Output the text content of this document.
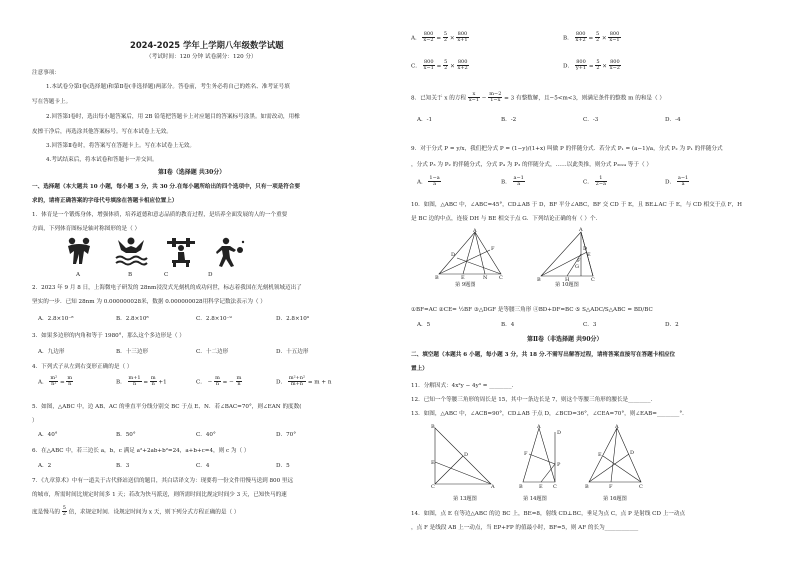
2024-2025 学年上学期八年级数学试题
（考试时间：120 分钟 试卷满分：120 分）
注意事项：
1.本试卷分第Ⅰ卷(选择题)和第Ⅱ卷(非选择题)两部分。答卷前，考生务必将自己的姓名、准考证号填
写在答题卡上。
2.回答第Ⅰ卷时，选出每小题答案后，用 2B 铅笔把答题卡上对应题目的答案标号涂黑。如需改动，用橡
皮擦干净后，再选涂其他答案标号。写在本试卷上无效。
3.回答第Ⅱ卷时，将答案写在答题卡上。写在本试卷上无效。
4.考试结束后，将本试卷和答题卡一并交回。
第Ⅰ卷（选择题 共30分）
一、选择题（本大题共 10 小题，每小题 3 分，共 30 分.在每小题所给出的四个选项中，只有一项是符合要
求的，请将正确答案的字母代号填涂在答题卡相应位置上）
1．体育是一个锻炼身体，增强体质，培养道德和意志品质的教育过程，是培养全面发展的人的一个重要
方面，下列体育图标是轴对称图形的是（ ）
A	B	C	D
2．2023 年 9 月 8 日，上海微电子研发的 28nm浸没式光刻机的成功问世，标志着我国在光刻机领域迈出了
坚实的一步．已知 28nm 为 0.000000028米，数据 0.000000028用科学记数法表示为（ ）
A．2.8×10⁻⁸	B．2.8×10⁸	C．2.8×10⁻⁹	D．2.8×10⁹
3．如果多边形的内角和等于 1980°，那么这个多边形是（ ）
A．九边形	B．十三边形	C．十二边形	D．十五边形
4．下列式子从左到右变形正确的是（ ）
A． $\frac{\text{m²}}{\text{n²}} = \frac{m}{n}$	B． $\frac{m+1}{n} = \frac{m}{n} +1$	C． − $\frac{m}{n}$ = − $\frac{m}{n}$	D． $\frac{\text{m²+n²}}{m+n} = m + n$
5．如图，△ABC 中，边 AB、AC 的垂直平分线分别交 BC 于点 E、N．若∠BAC=70°，则∠EAN 的度数(
）
A．40°	B．50°	C．40°	D．70°
6．在△ABC 中，若三边长 a，b，c 满足 a²+2ab+b²=24，a+b+c=4，则 c 为（ ）
A．2	B．3	C．4	D．5
7．《九章算术》中有一道关于古代驿站送信的题目，其白话译文为：现要将一份文件用慢马送到 800 里远
的城市，所需时间比规定时间多 1 天；若改为快马派送，则所需时间比规定时间少 3 天，已知快马的速
度是慢马的 $\frac{5}{2}$ 倍，求规定时间．设规定时间为 x 天，则下列分式方程正确的是（ ）
A． $\frac{800}{x-2} = \frac{5}{2} \times \frac{800}{x+1}$	B． $\frac{800}{x+2} = \frac{5}{2} \times \frac{800}{x-1}$
C． $\frac{800}{x-1} = \frac{5}{2} \times \frac{800}{x+2}$	D． $\frac{800}{y+1} = \frac{5}{2} \times \frac{800}{x-2}$
8．已知关于 x 的方程 $\frac{x}{x-1} - \frac{m-2}{1-x} = 3$ 有整数解，且−5<m<3，则满足条件的整数 m 的和是（ ）
A．-1	B．-2	C．-3	D．-4
9．对于分式 P = y/x，我们把分式 P = (1−y)/(1+x) 叫做 P 的伴随分式．若分式 P₁ = (a−1)/a，分式 P₂ 为 P₁ 的伴随分式
，分式 P₃ 为 P₂ 的伴随分式，分式 P₄ 为 P₃ 的伴随分式，……以此类推，则分式 P₂₀₂₄ 等于（ ）
A． $\frac{1-a}{a}$	B． $\frac{a-1}{a}$	C． $\frac{1}{2-a}$	D． $\frac{a-1}{a}$
10．如图，△ABC 中，∠ABC=45°，CD⊥AB 于 D，BF 平分∠ABC，BF 交 CD 于 E，且 BE⊥AC 于 E，与 CD 相交于点 F，H
是 BC 边的中点，连接 DH 与 BE 相交于点 G．下列结论正确的有（ ）个．
A
B	C
D
E	N
F
A
B	C
D
E
F
G
H
第 9题图	第 10题图
①BF=AC ②CE= ½BF ③△DGF 是等腰三角形 ④BD+DF=BC ⑤ S△ADC/S△ABC = BD/BC
A．5	B．4	C．3	D．2
第Ⅱ卷（非选择题 共90分）
二、填空题（本题共 6 小题，每小题 3 分，共 18 分.不需写出解答过程，请将答案直接写在答题卡相应位
置上）
11．分解因式：4x²y − 4y³ = ________．
12．已知一个等腰三角形的周长是 15，其中一条边长是 7，则这个等腰三角形的腰长是________．
13．如图，△ABC 中，∠ACB=90°，CD⊥AB 于点 D，∠BCD=36°，∠CEA=70°，则∠EAB=________°．
B
C	A
D
E
A
B	C
D
E
F
P
A
B	C
D
E
F
第 13题图	第 14题图	第 16题图
14．如图，点 E 在等边△ABC 的边 BC 上，BE=8，射线 CD⊥BC，垂足为点 C，点 P 是射线 CD 上一动点
，点 F 是线段 AB 上一动点，当 EP+FP 的值最小时，BF=5，则 AF 的长为____________
